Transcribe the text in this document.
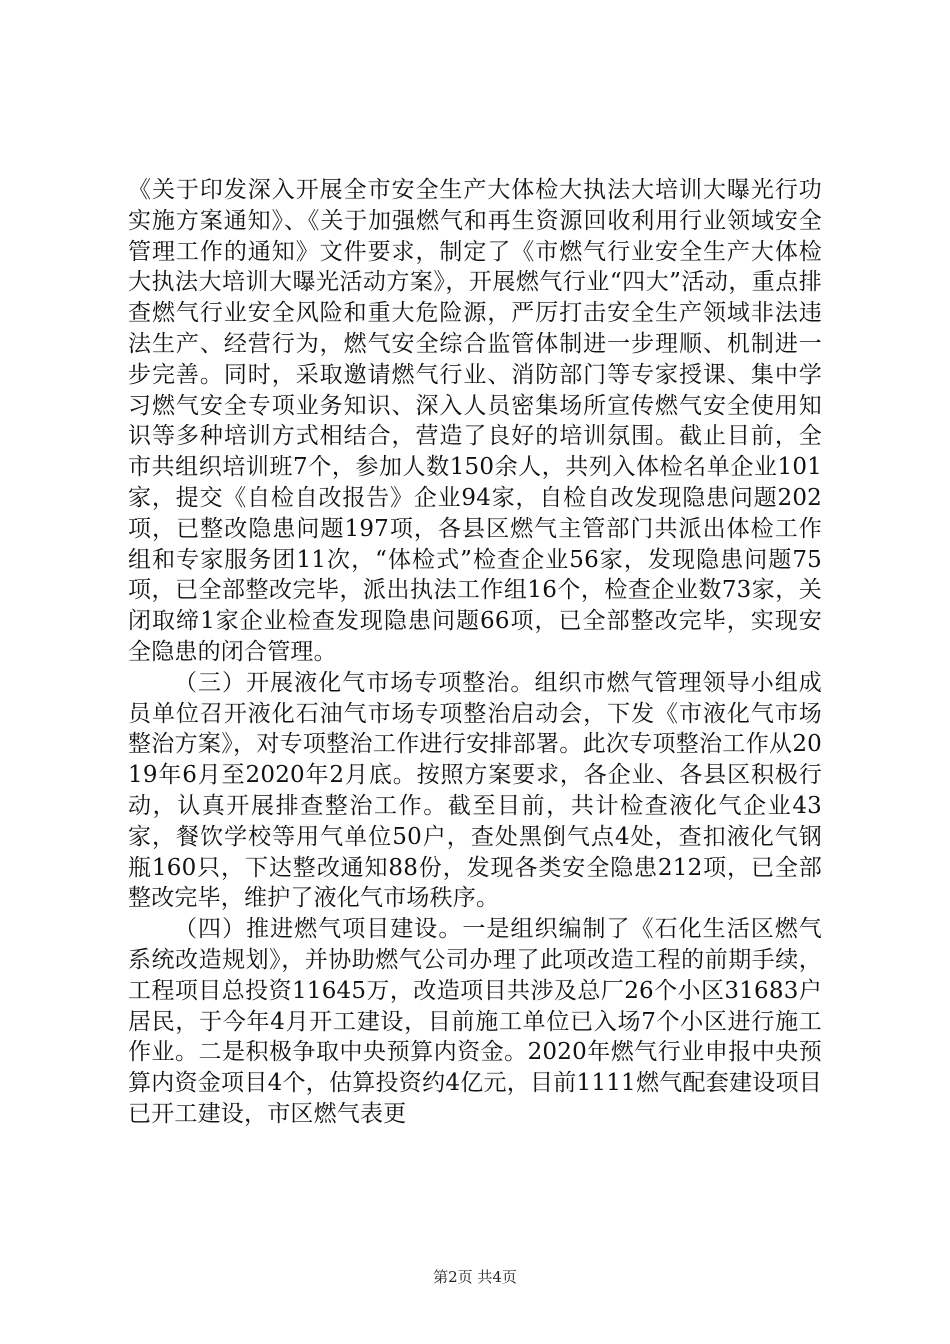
《关于印发深入开展全市安全生产大体检大执法大培训大曝光行功实施方案通知》、《关于加强燃气和再生资源回收利用行业领域安全管理工作的通知》文件要求，制定了《市燃气行业安全生产大体检大执法大培训大曝光活动方案》，开展燃气行业“四大”活动，重点排查燃气行业安全风险和重大危险源，严厉打击安全生产领域非法违法生产、经营行为，燃气安全综合监管体制进一步理顺、机制进一步完善。同时，采取邀请燃气行业、消防部门等专家授课、集中学习燃气安全专项业务知识、深入人员密集场所宣传燃气安全使用知识等多种培训方式相结合，营造了良好的培训氛围。截止目前，全市共组织培训班7个，参加人数150余人，共列入体检名单企业101家，提交《自检自改报告》企业94家，自检自改发现隐患问题202项，已整改隐患问题197项，各县区燃气主管部门共派出体检工作组和专家服务团11次，“体检式”检查企业56家，发现隐患问题75项，已全部整改完毕，派出执法工作组16个，检查企业数73家，关闭取缔1家企业检查发现隐患问题66项，已全部整改完毕，实现安全隐患的闭合管理。

（三）开展液化气市场专项整治。组织市燃气管理领导小组成员单位召开液化石油气市场专项整治启动会，下发《市液化气市场整治方案》，对专项整治工作进行安排部署。此次专项整治工作从2019年6月至2020年2月底。按照方案要求，各企业、各县区积极行动，认真开展排查整治工作。截至目前，共计检查液化气企业43家，餐饮学校等用气单位50户，查处黑倒气点4处，查扣液化气钢瓶160只，下达整改通知88份，发现各类安全隐患212项，已全部整改完毕，维护了液化气市场秩序。

（四）推进燃气项目建设。一是组织编制了《石化生活区燃气系统改造规划》，并协助燃气公司办理了此项改造工程的前期手续，工程项目总投资11645万，改造项目共涉及总厂26个小区31683户居民，于今年4月开工建设，目前施工单位已入场7个小区进行施工作业。二是积极争取中央预算内资金。2020年燃气行业申报中央预算内资金项目4个，估算投资约4亿元，目前1111燃气配套建设项目已开工建设，市区燃气表更

第2页 共4页
